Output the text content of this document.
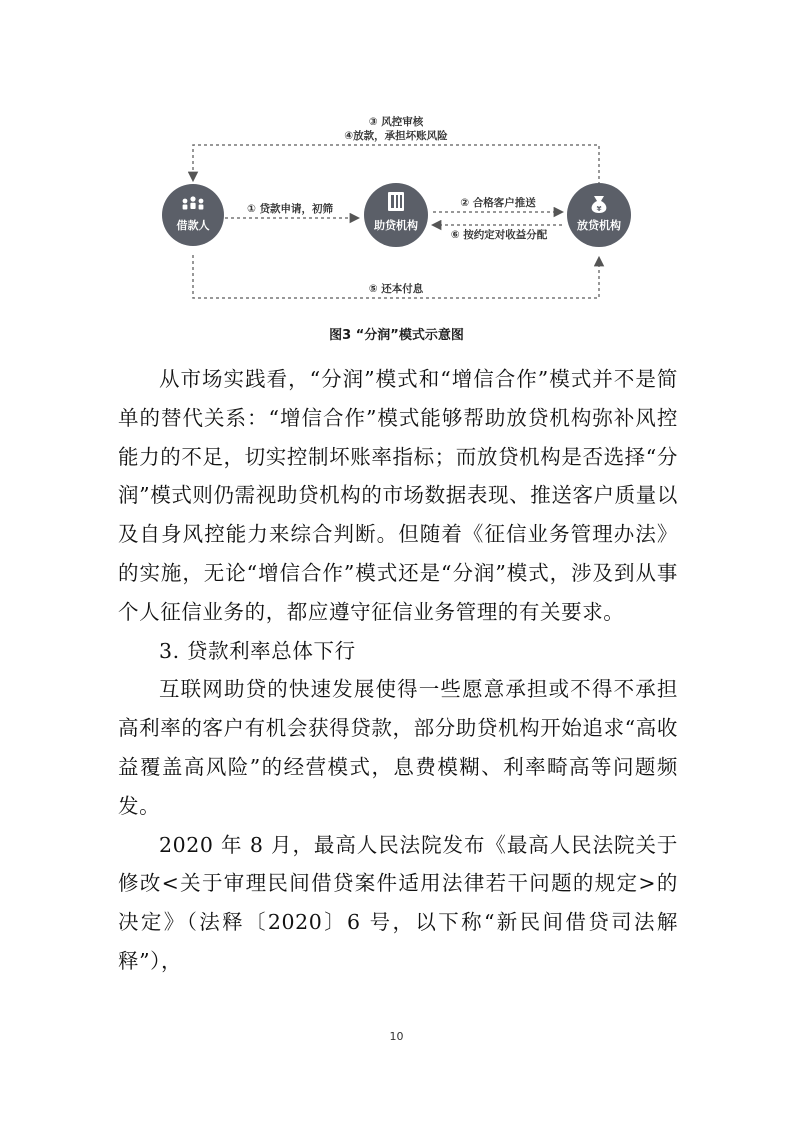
借款人	助贷机构
¥
放贷机构
③ 风控审核
④放款，承担坏账风险
① 贷款申请，初筛	② 合格客户推送
⑥ 按约定对收益分配
⑤ 还本付息
图3 “分润”模式示意图

从市场实践看，“分润”模式和“增信合作”模式并不是简单的替代关系：“增信合作”模式能够帮助放贷机构弥补风控能力的不足，切实控制坏账率指标；而放贷机构是否选择“分润”模式则仍需视助贷机构的市场数据表现、推送客户质量以及自身风控能力来综合判断。但随着《征信业务管理办法》的实施，无论“增信合作”模式还是“分润”模式，涉及到从事个人征信业务的，都应遵守征信业务管理的有关要求。

3. 贷款利率总体下行

互联网助贷的快速发展使得一些愿意承担或不得不承担高利率的客户有机会获得贷款，部分助贷机构开始追求“高收益覆盖高风险”的经营模式，息费模糊、利率畸高等问题频发。

2020 年 8 月，最高人民法院发布《最高人民法院关于修改<关于审理民间借贷案件适用法律若干问题的规定>的决定》（法释〔2020〕6 号，以下称“新民间借贷司法解释”），

10
